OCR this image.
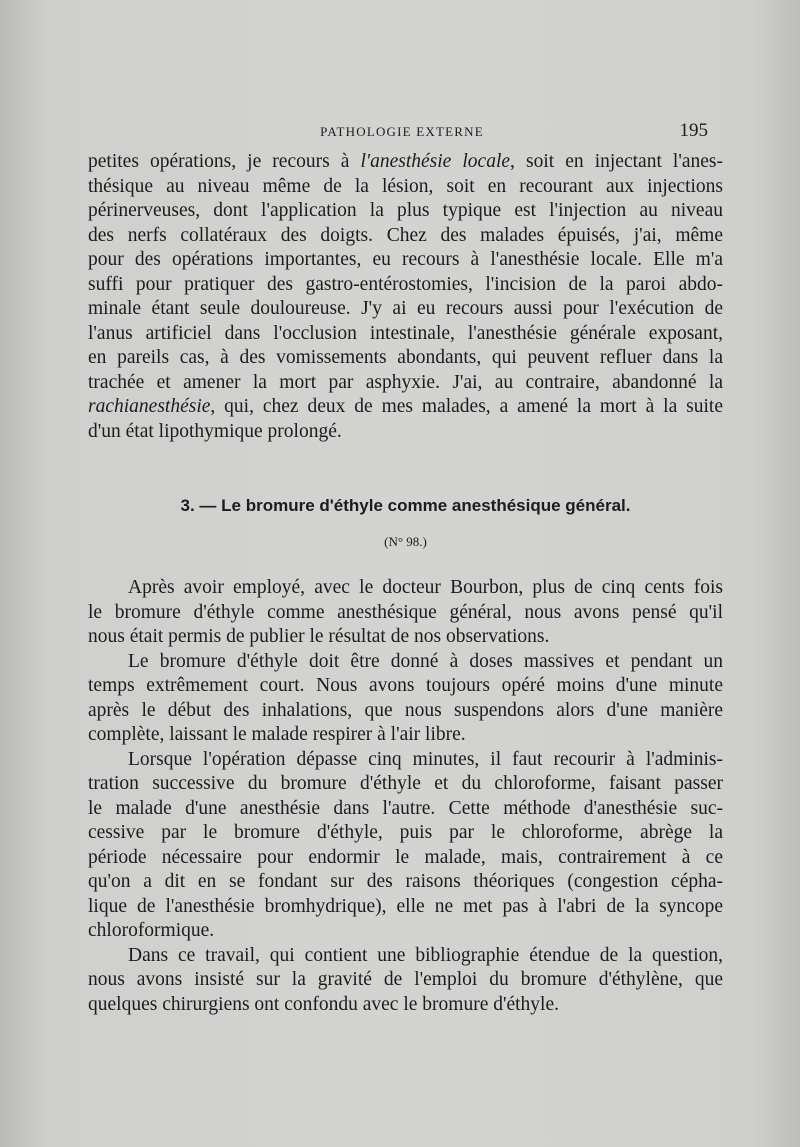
PATHOLOGIE EXTERNE	195
petites opérations, je recours à l'anesthésie locale, soit en injectant l'anes-
thésique au niveau même de la lésion, soit en recourant aux injections
périnerveuses, dont l'application la plus typique est l'injection au niveau
des nerfs collatéraux des doigts. Chez des malades épuisés, j'ai, même
pour des opérations importantes, eu recours à l'anesthésie locale. Elle m'a
suffi pour pratiquer des gastro-entérostomies, l'incision de la paroi abdo-
minale étant seule douloureuse. J'y ai eu recours aussi pour l'exécution de
l'anus artificiel dans l'occlusion intestinale, l'anesthésie générale exposant,
en pareils cas, à des vomissements abondants, qui peuvent refluer dans la
trachée et amener la mort par asphyxie. J'ai, au contraire, abandonné la
rachianesthésie, qui, chez deux de mes malades, a amené la mort à la suite
d'un état lipothymique prolongé.
3. — Le bromure d'éthyle comme anesthésique général.
(N° 98.)
Après avoir employé, avec le docteur Bourbon, plus de cinq cents fois
le bromure d'éthyle comme anesthésique général, nous avons pensé qu'il
nous était permis de publier le résultat de nos observations.
Le bromure d'éthyle doit être donné à doses massives et pendant un
temps extrêmement court. Nous avons toujours opéré moins d'une minute
après le début des inhalations, que nous suspendons alors d'une manière
complète, laissant le malade respirer à l'air libre.
Lorsque l'opération dépasse cinq minutes, il faut recourir à l'adminis-
tration successive du bromure d'éthyle et du chloroforme, faisant passer
le malade d'une anesthésie dans l'autre. Cette méthode d'anesthésie suc-
cessive par le bromure d'éthyle, puis par le chloroforme, abrège la
période nécessaire pour endormir le malade, mais, contrairement à ce
qu'on a dit en se fondant sur des raisons théoriques (congestion cépha-
lique de l'anesthésie bromhydrique), elle ne met pas à l'abri de la syncope
chloroformique.
Dans ce travail, qui contient une bibliographie étendue de la question,
nous avons insisté sur la gravité de l'emploi du bromure d'éthylène, que
quelques chirurgiens ont confondu avec le bromure d'éthyle.
